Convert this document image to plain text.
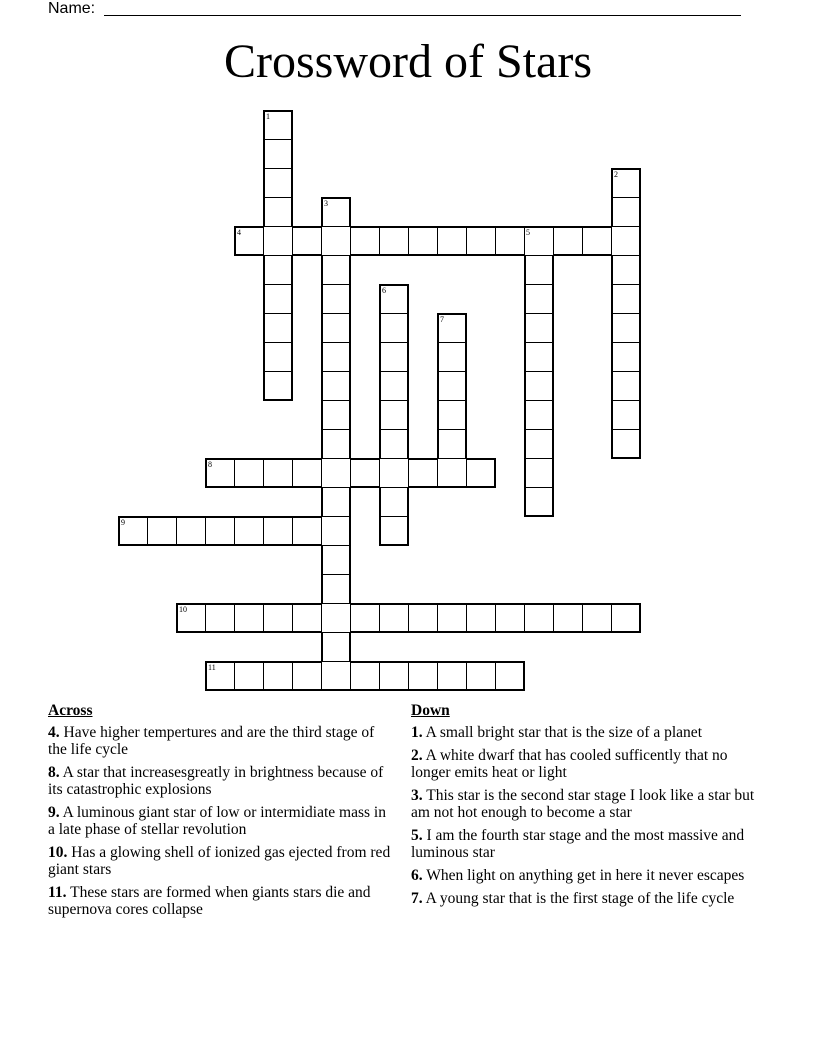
Name:
Crossword of Stars
1
2
3
4	5
6
7
8
9
10
11
Across
4. Have higher tempertures and are the third stage of the life cycle
8. A star that increasesgreatly in brightness because of its catastrophic explosions
9. A luminous giant star of low or intermidiate mass in a late phase of stellar revolution
10. Has a glowing shell of ionized gas ejected from red giant stars
11. These stars are formed when giants stars die and supernova cores collapse
Down
1. A small bright star that is the size of a planet
2. A white dwarf that has cooled sufficently that no longer emits heat or light
3. This star is the second star stage I look like a star but am not hot enough to become a star
5. I am the fourth star stage and the most massive and luminous star
6. When light on anything get in here it never escapes
7. A young star that is the first stage of the life cycle
